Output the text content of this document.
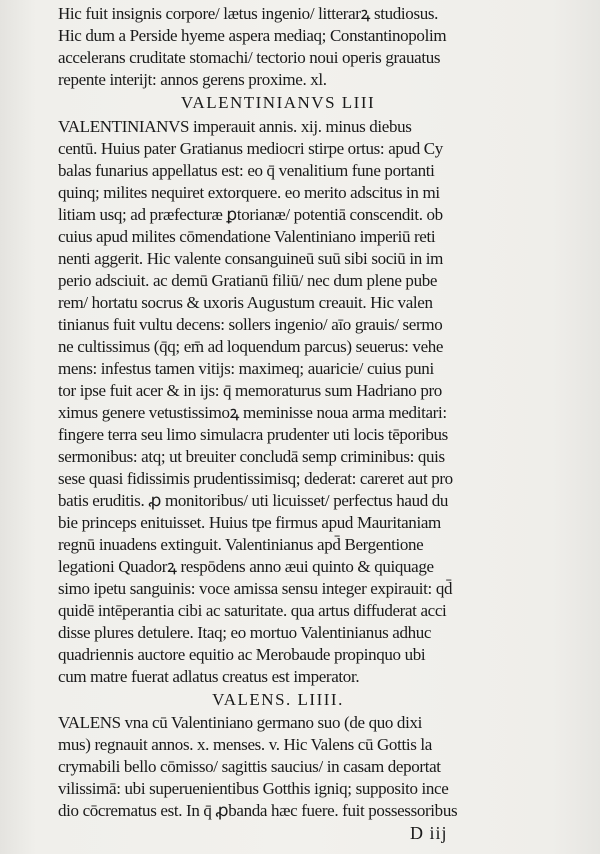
Hic fuit insignis corpore/ lætus ingenio/ litterarꝝ studiosus.
Hic dum a Perside hyeme aspera mediaq; Constantinopolim
accelerans cruditate stomachi/ tectorio noui operis grauatus
repente interijt: annos gerens proxime. xl.
VALENTINIANVS LIII
VALENTINIANVS imperauit annis. xij. minus diebus
centū. Huius pater Gratianus mediocri stirpe ortus: apud Cy
balas funarius appellatus est: eo q̄ venalitium fune portanti
quinq; milites nequiret extorquere. eo merito adscitus in mi
litiam usq; ad præfecturæ ꝑtorianæ/ potentiā conscendit. ob
cuius apud milites cōmendatione Valentiniano imperiū reti
nenti aggerit. Hic valente consanguineū suū sibi sociū in im
perio adsciuit. ac demū Gratianū filiū/ nec dum plene pube
rem/ hortatu socrus & uxoris Augustum creauit. Hic valen
tinianus fuit vultu decens: sollers ingenio/ aīo grauis/ sermo
ne cultissimus (q̄q; em̄ ad loquendum parcus) seuerus: vehe
mens: infestus tamen vitijs: maximeq; auaricie/ cuius puni
tor ipse fuit acer & in ijs: q̄ memoraturus sum Hadriano pro
ximus genere vetustissimoꝝ meminisse noua arma meditari:
fingere terra seu limo simulacra prudenter uti locis tēporibus
sermonibus: atq; ut breuiter concludā semp criminibus: quis
sese quasi fidissimis prudentissimisq; dederat: careret aut pro
batis eruditis. ꝓ monitoribus/ uti licuisset/ perfectus haud du
bie princeps enituisset. Huius tpe firmus apud Mauritaniam
regnū inuadens extinguit. Valentinianus apd̄ Bergentione
legationi Quadorꝝ respōdens anno æui quinto & quiquage
simo ipetu sanguinis: voce amissa sensu integer expirauit: qd̄
quidē intēperantia cibi ac saturitate. qua artus diffuderat acci
disse plures detulere. Itaq; eo mortuo Valentinianus adhuc
quadriennis auctore equitio ac Merobaude propinquo ubi
cum matre fuerat adlatus creatus est imperator.
VALENS. LIIII.
VALENS vna cū Valentiniano germano suo (de quo dixi
mus) regnauit annos. x. menses. v. Hic Valens cū Gottis la
crymabili bello cōmisso/ sagittis saucius/ in casam deportat
vilissimā: ubi superuenientibus Gotthis igniq; supposito ince
dio cōcrematus est. In q̄ ꝓbanda hæc fuere. fuit possessoribus
D iij
